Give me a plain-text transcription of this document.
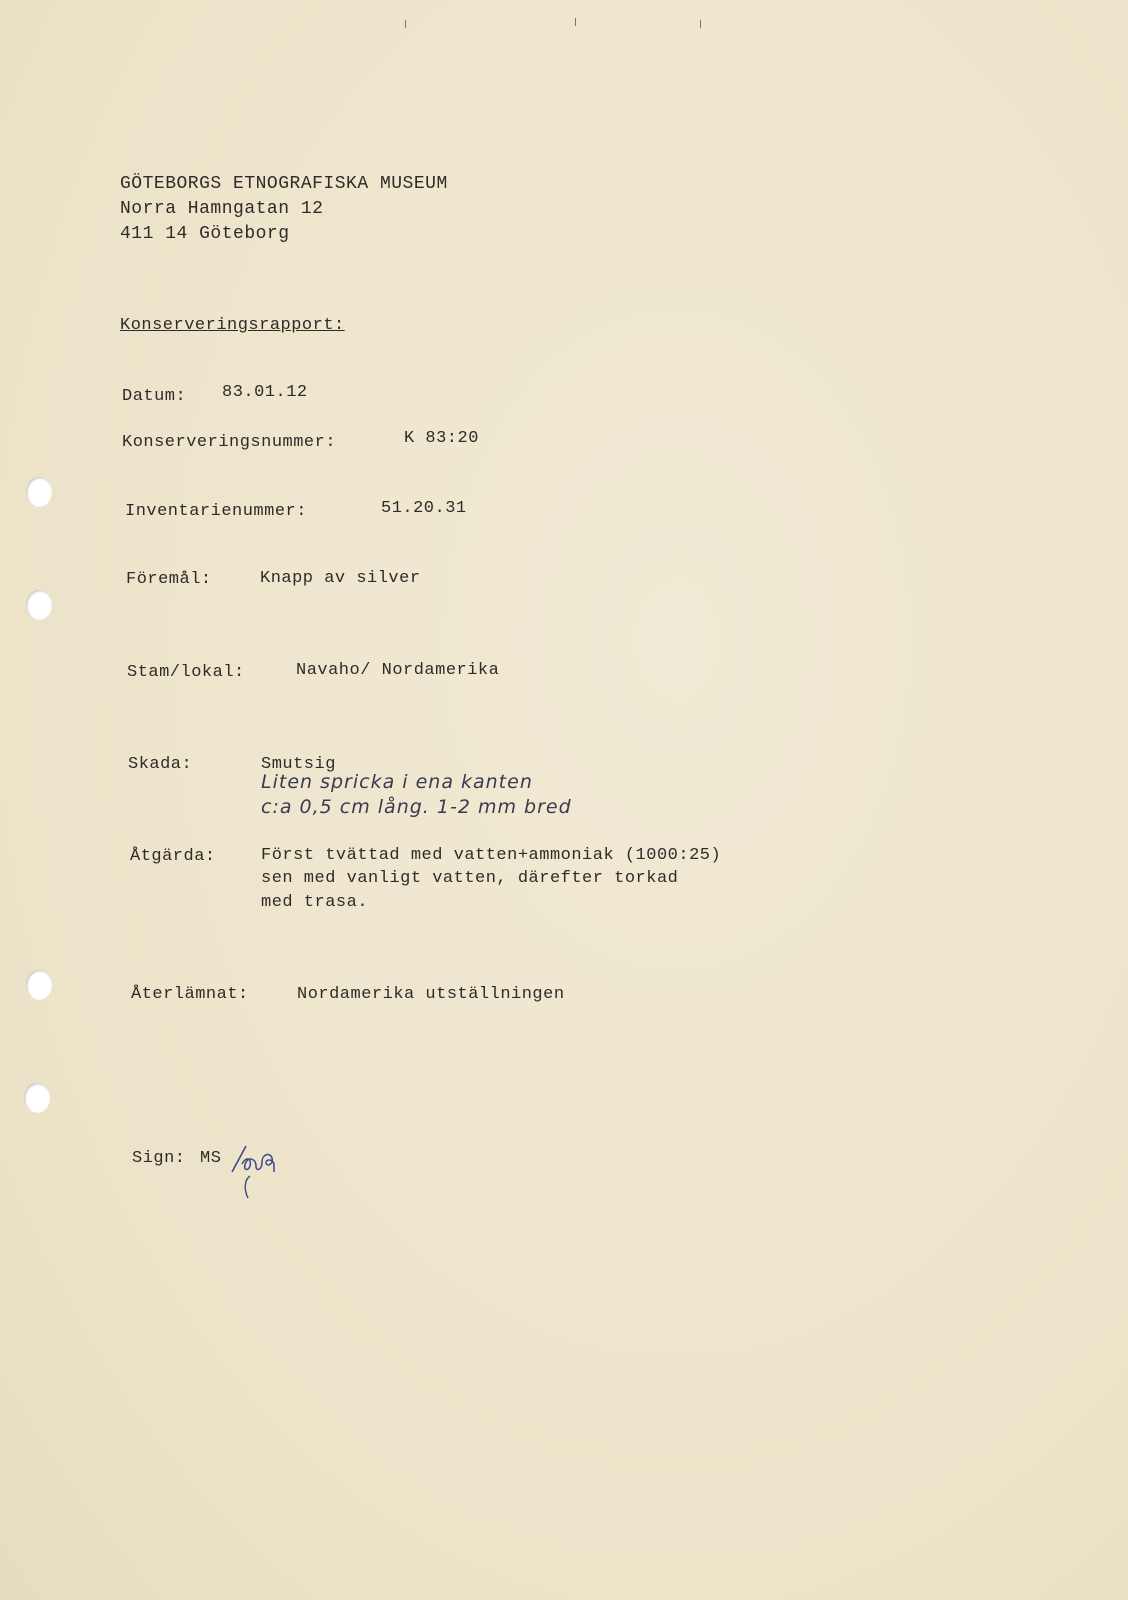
GÖTEBORGS ETNOGRAFISKA MUSEUM
Norra Hamngatan 12
411 14 Göteborg
Konserveringsrapport:
Datum: 83.01.12
Konserveringsnummer:	K 83:20
Inventarienummer:	51.20.31
Föremål:	Knapp av silver
Stam/lokal:	Navaho/ Nordamerika
Skada:	Smutsig
Liten spricka i ena kanten
c:a 0,5 cm lång. 1-2 mm bred
Åtgärda:	Först tvättad med vatten+ammoniak (1000:25)
sen med vanligt vatten, därefter torkad
med trasa.
Återlämnat:	Nordamerika utställningen
Sign: MS
